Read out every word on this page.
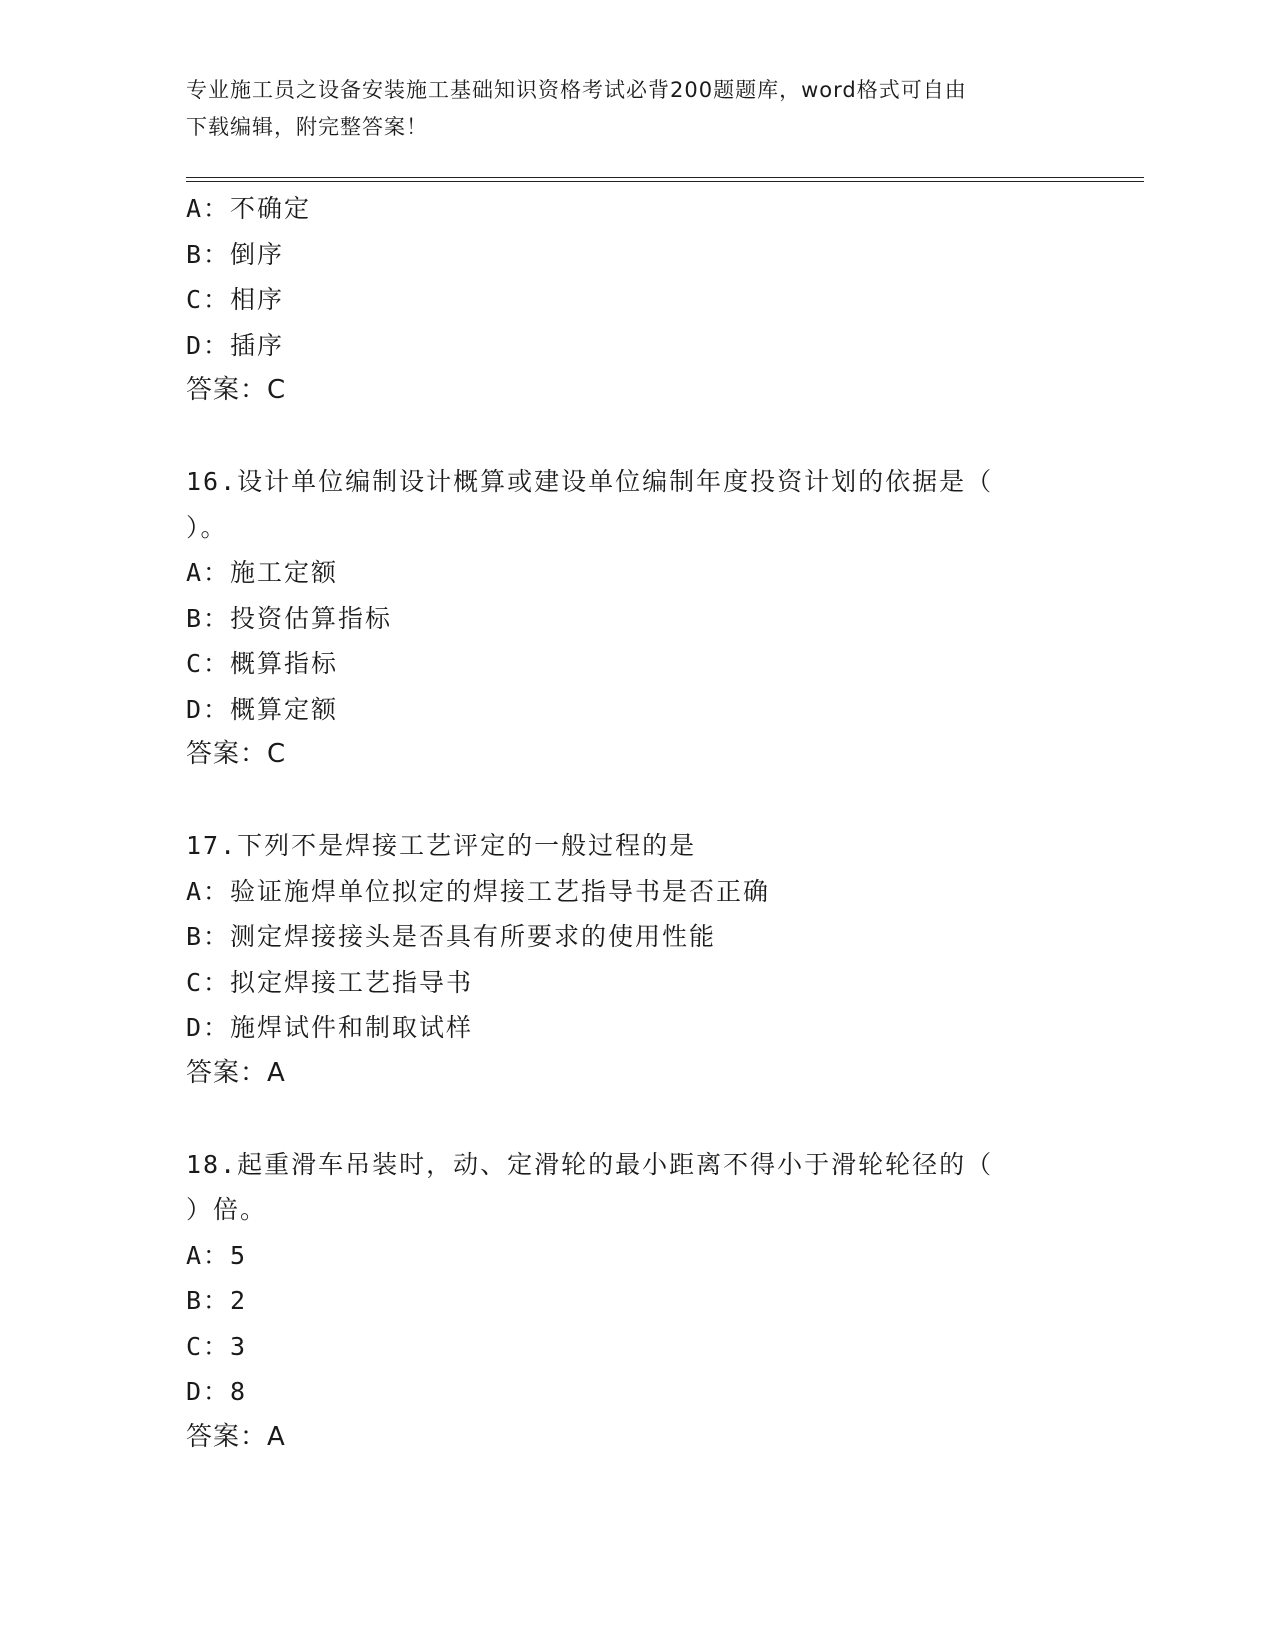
专业施工员之设备安装施工基础知识资格考试必背200题题库，word格式可自由
下载编辑，附完整答案！
A：不确定
B：倒序
C：相序
D：插序
答案：C
16.设计单位编制设计概算或建设单位编制年度投资计划的依据是（
）。
A：施工定额
B：投资估算指标
C：概算指标
D：概算定额
答案：C
17.下列不是焊接工艺评定的一般过程的是
A：验证施焊单位拟定的焊接工艺指导书是否正确
B：测定焊接接头是否具有所要求的使用性能
C：拟定焊接工艺指导书
D：施焊试件和制取试样
答案：A
18.起重滑车吊装时，动、定滑轮的最小距离不得小于滑轮轮径的（
）倍。
A：5
B：2
C：3
D：8
答案：A
